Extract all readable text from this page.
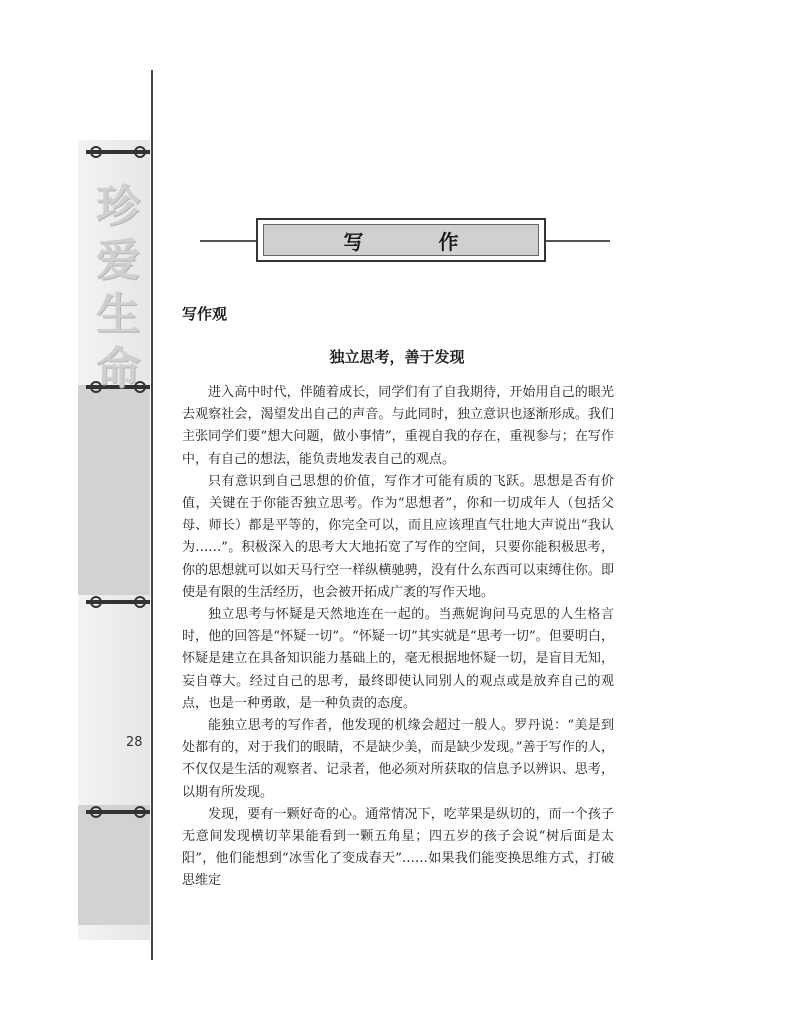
珍
爱
生
命
28
写 作
写作观
独立思考，善于发现

进入高中时代，伴随着成长，同学们有了自我期待，开始用自己的眼光去观察社会，渴望发出自己的声音。与此同时，独立意识也逐渐形成。我们主张同学们要“想大问题，做小事情”，重视自我的存在，重视参与；在写作中，有自己的想法，能负责地发表自己的观点。

只有意识到自己思想的价值，写作才可能有质的飞跃。思想是否有价值，关键在于你能否独立思考。作为“思想者”，你和一切成年人（包括父母、师长）都是平等的，你完全可以，而且应该理直气壮地大声说出“我认为……”。积极深入的思考大大地拓宽了写作的空间，只要你能积极思考，你的思想就可以如天马行空一样纵横驰骋，没有什么东西可以束缚住你。即使是有限的生活经历，也会被开拓成广袤的写作天地。

独立思考与怀疑是天然地连在一起的。当燕妮询问马克思的人生格言时，他的回答是“怀疑一切”。“怀疑一切”其实就是“思考一切”。但要明白，怀疑是建立在具备知识能力基础上的，毫无根据地怀疑一切，是盲目无知，妄自尊大。经过自己的思考，最终即使认同别人的观点或是放弃自己的观点，也是一种勇敢，是一种负责的态度。

能独立思考的写作者，他发现的机缘会超过一般人。罗丹说：“美是到处都有的，对于我们的眼睛，不是缺少美，而是缺少发现。”善于写作的人，不仅仅是生活的观察者、记录者，他必须对所获取的信息予以辨识、思考，以期有所发现。

发现，要有一颗好奇的心。通常情况下，吃苹果是纵切的，而一个孩子无意间发现横切苹果能看到一颗五角星；四五岁的孩子会说“树后面是太阳”，他们能想到“冰雪化了变成春天”……如果我们能变换思维方式，打破思维定
